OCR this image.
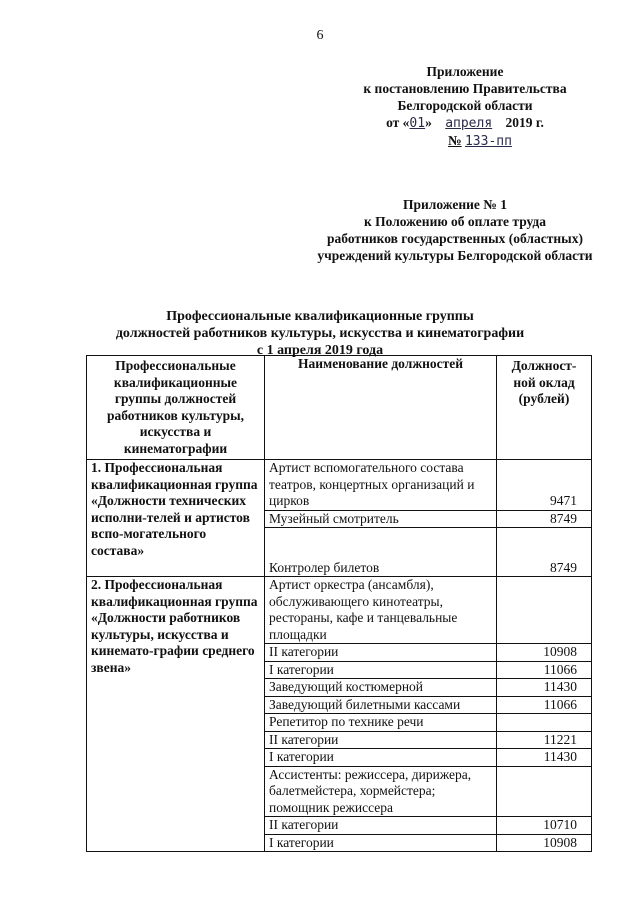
6
Приложение
к постановлению Правительства
Белгородской области
от «01» апреля 2019 г.
№ 133-пп
Приложение № 1
к Положению об оплате труда
работников государственных (областных)
учреждений культуры Белгородской области
Профессиональные квалификационные группы
должностей работников культуры, искусства и кинематографии
с 1 апреля 2019 года
Профессиональные квалификационные группы должностей работников культуры, искусства и кинематографии	Наименование должностей	Должност-ной оклад (рублей)
1. Профессиональная квалификационная группа «Должности технических исполни-телей и артистов вспо-могательного состава»	Артист вспомогательного состава театров, концертных организаций и цирков	9471
	Музейный смотритель	8749
	Контролер билетов	8749
2. Профессиональная квалификационная группа «Должности работников культуры, искусства и кинемато-графии среднего звена»	Артист оркестра (ансамбля), обслуживающего кинотеатры, рестораны, кафе и танцевальные площадки	
	II категории	10908
	I категории	11066
	Заведующий костюмерной	11430
	Заведующий билетными кассами	11066
	Репетитор по технике речи	
	II категории	11221
	I категории	11430
	Ассистенты: режиссера, дирижера, балетмейстера, хормейстера; помощник режиссера	
	II категории	10710
	I категории	10908
